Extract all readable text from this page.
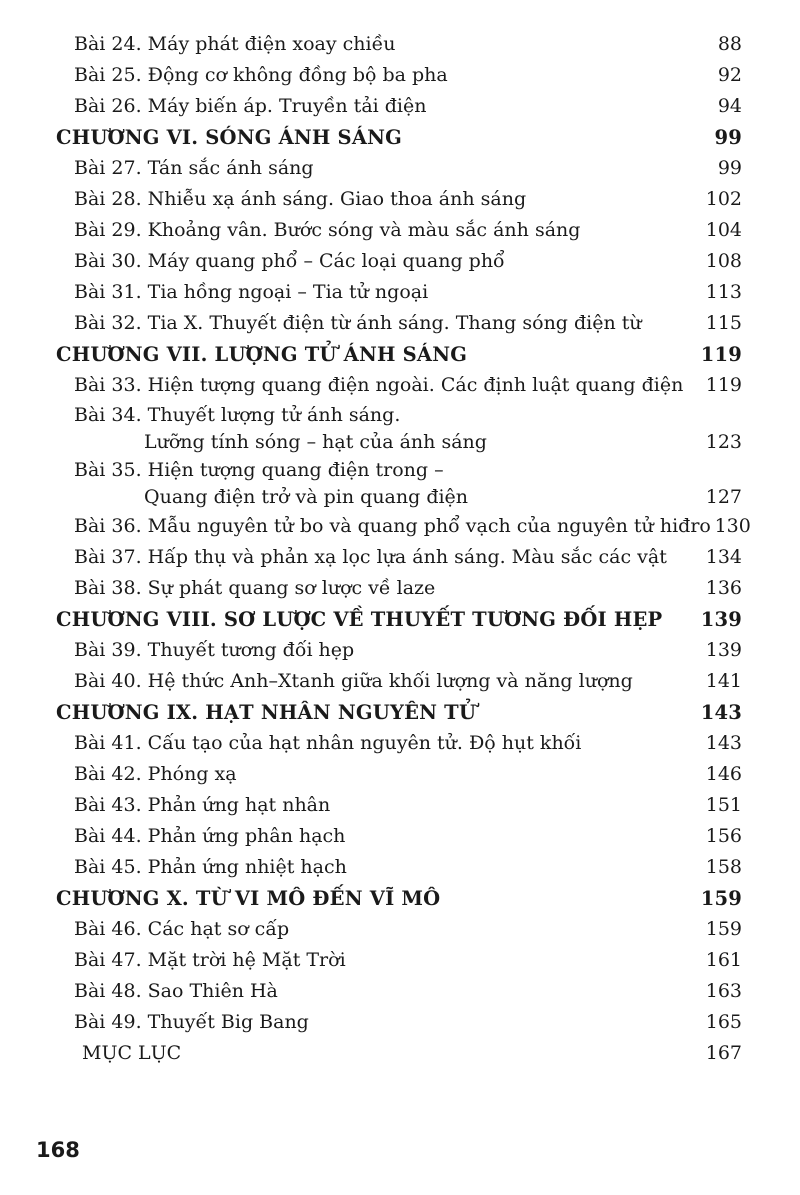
Bài 24. Máy phát điện xoay chiều	88
Bài 25. Động cơ không đồng bộ ba pha	92
Bài 26. Máy biến áp. Truyền tải điện	94
CHƯƠNG VI. SÓNG ÁNH SÁNG	99
Bài 27. Tán sắc ánh sáng	99
Bài 28. Nhiễu xạ ánh sáng. Giao thoa ánh sáng	102
Bài 29. Khoảng vân. Bước sóng và màu sắc ánh sáng	104
Bài 30. Máy quang phổ – Các loại quang phổ	108
Bài 31. Tia hồng ngoại – Tia tử ngoại	113
Bài 32. Tia X. Thuyết điện từ ánh sáng. Thang sóng điện từ	115
CHƯƠNG VII. LƯỢNG TỬ ÁNH SÁNG	119
Bài 33. Hiện tượng quang điện ngoài. Các định luật quang điện 119
Bài 34. Thuyết lượng tử ánh sáng.
Lưỡng tính sóng – hạt của ánh sáng	123
Bài 35. Hiện tượng quang điện trong –
Quang điện trở và pin quang điện	127
Bài 36. Mẫu nguyên tử bo và quang phổ vạch của nguyên tử hiđro 130
Bài 37. Hấp thụ và phản xạ lọc lựa ánh sáng. Màu sắc các vật 134
Bài 38. Sự phát quang sơ lược về laze	136
CHƯƠNG VIII. SƠ LƯỢC VỀ THUYẾT TƯƠNG ĐỐI HẸP 139
Bài 39. Thuyết tương đối hẹp	139
Bài 40. Hệ thức Anh–Xtanh giữa khối lượng và năng lượng	141
CHƯƠNG IX. HẠT NHÂN NGUYÊN TỬ	143
Bài 41. Cấu tạo của hạt nhân nguyên tử. Độ hụt khối	143
Bài 42. Phóng xạ	146
Bài 43. Phản ứng hạt nhân	151
Bài 44. Phản ứng phân hạch	156
Bài 45. Phản ứng nhiệt hạch	158
CHƯƠNG X. TỪ VI MÔ ĐẾN VĨ MÔ	159
Bài 46. Các hạt sơ cấp	159
Bài 47. Mặt trời hệ Mặt Trời	161
Bài 48. Sao Thiên Hà	163
Bài 49. Thuyết Big Bang	165
MỤC LỤC	167
168
